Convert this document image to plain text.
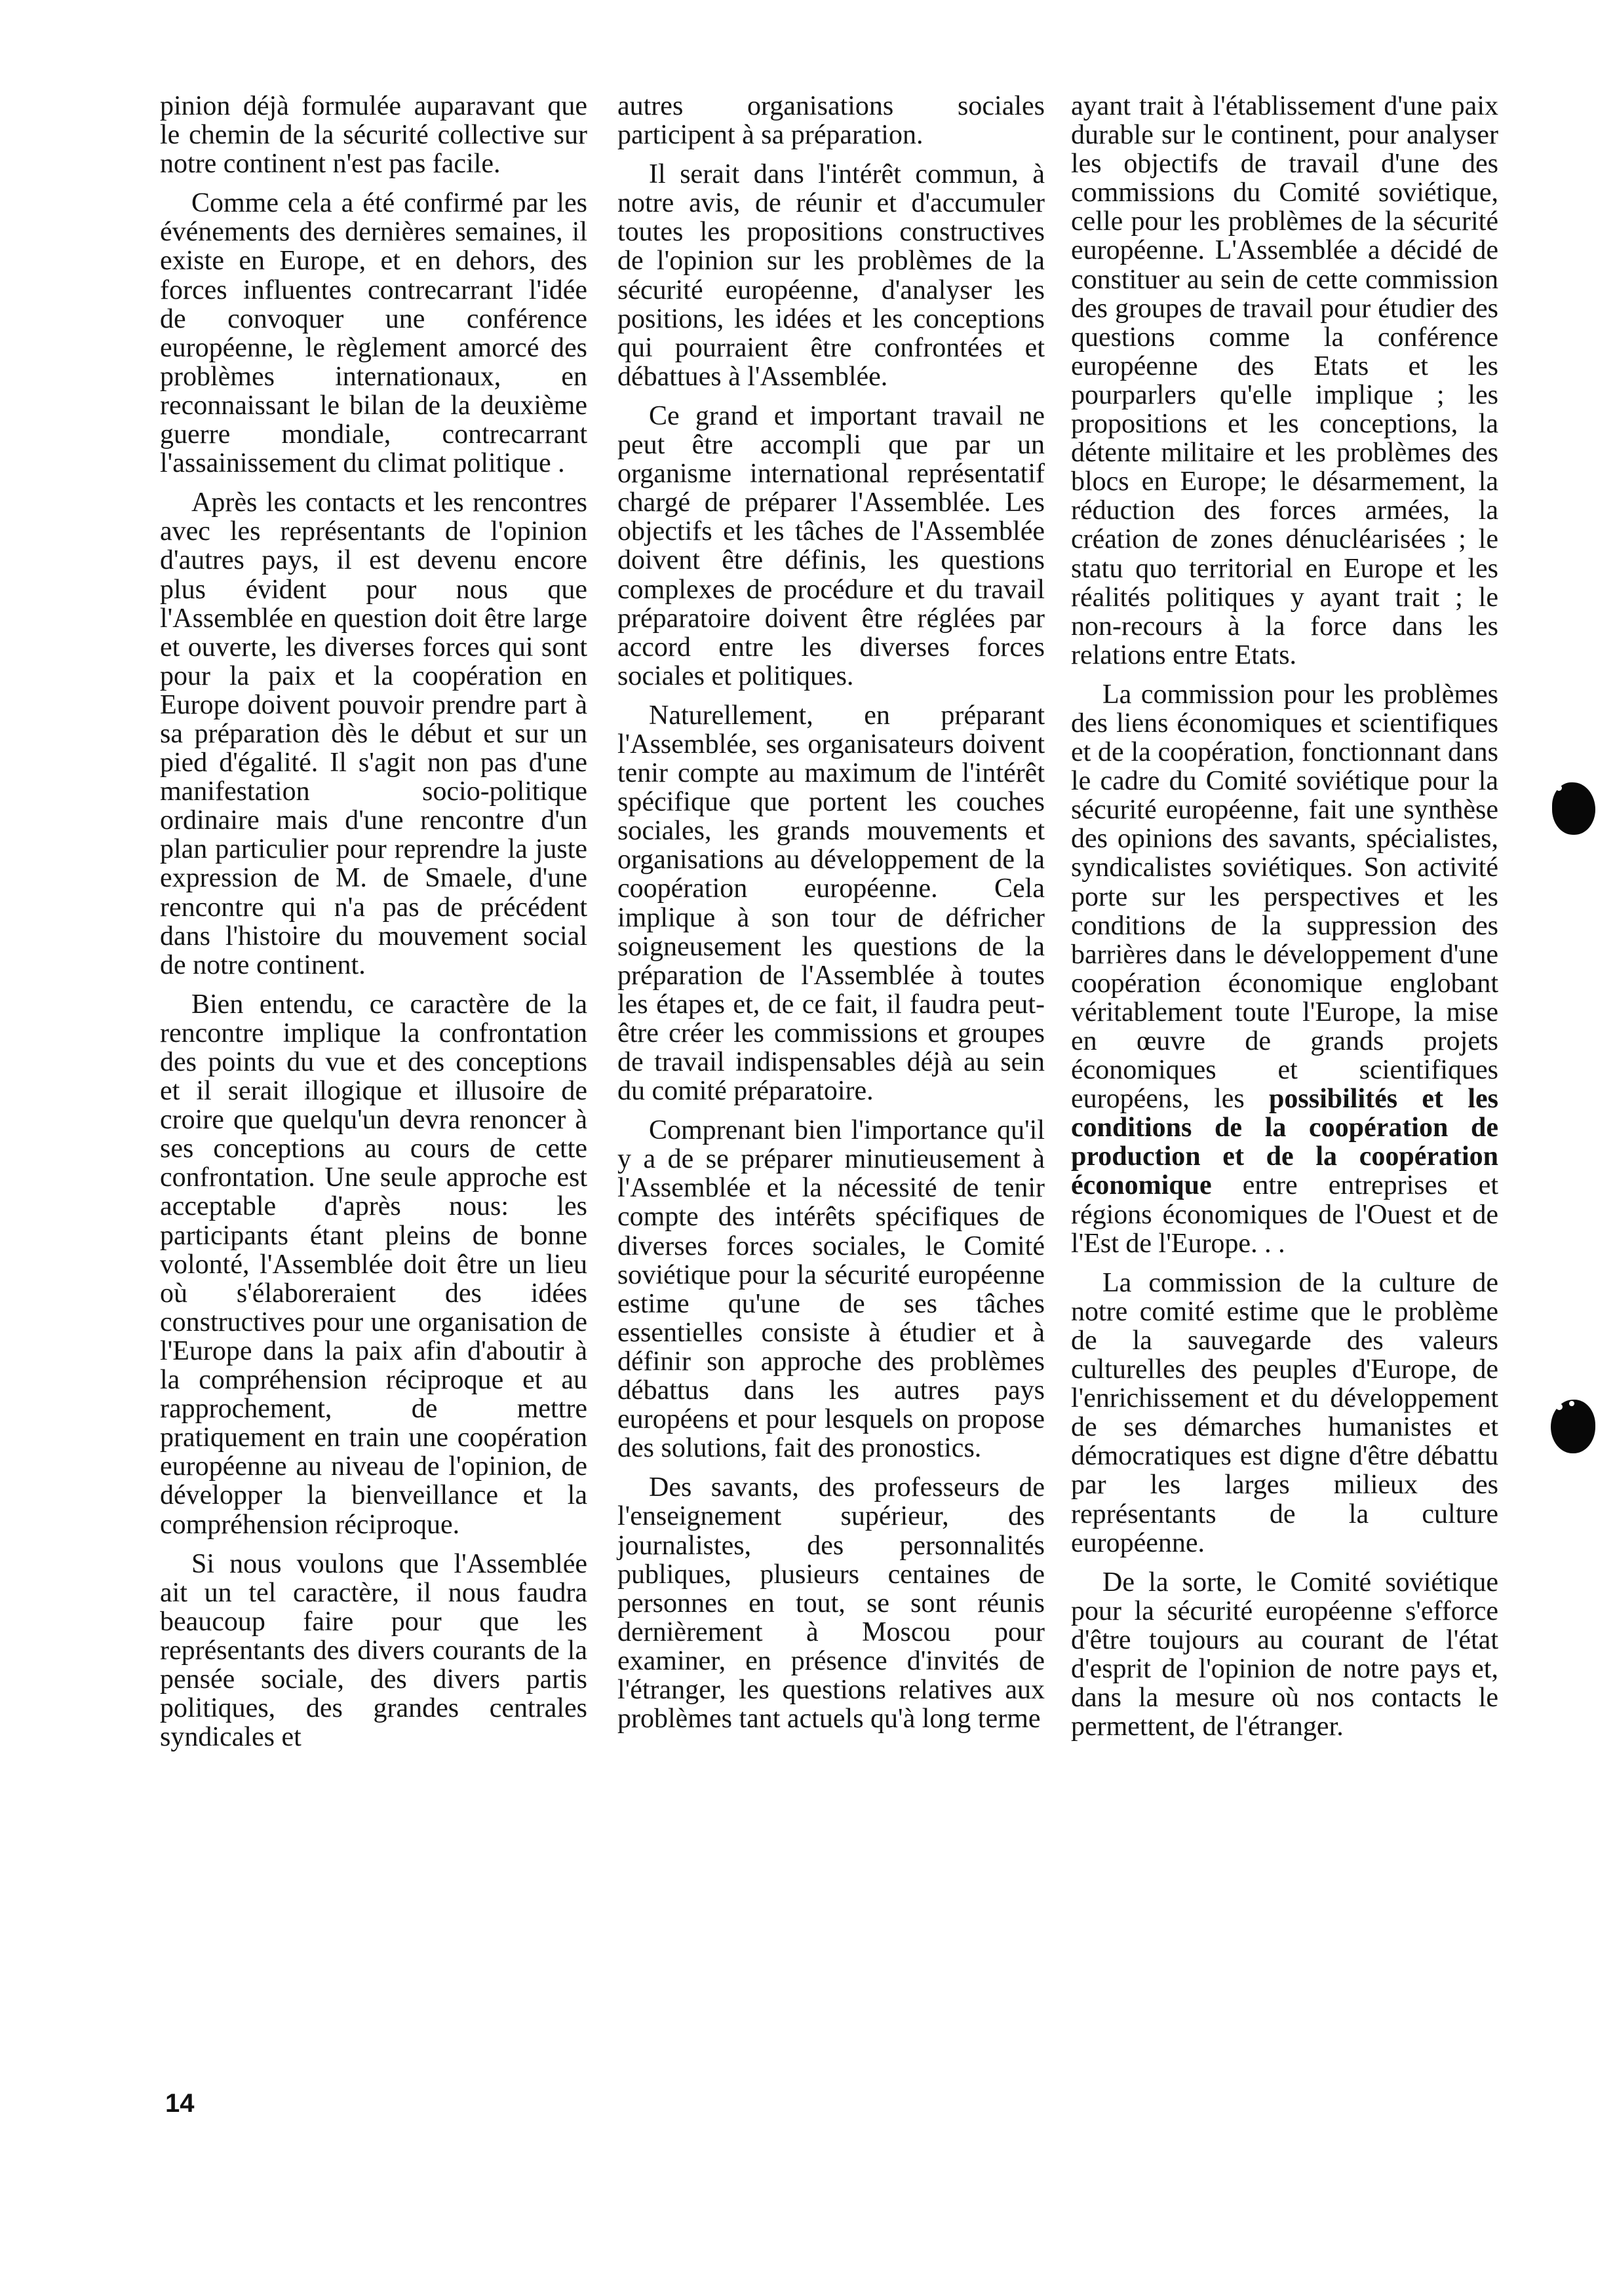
pinion déjà formulée auparavant que le chemin de la sécurité collective sur notre continent n'est pas facile.

Comme cela a été confirmé par les événements des dernières semaines, il existe en Europe, et en dehors, des forces influentes contrecarrant l'idée de convoquer une conférence européenne, le règlement amorcé des problèmes internationaux, en reconnaissant le bilan de la deuxième guerre mondiale, contrecarrant l'assainissement du climat politique .

Après les contacts et les rencontres avec les représentants de l'opinion d'autres pays, il est devenu encore plus évident pour nous que l'Assemblée en question doit être large et ouverte, les diverses forces qui sont pour la paix et la coopération en Europe doivent pouvoir prendre part à sa préparation dès le début et sur un pied d'égalité. Il s'agit non pas d'une manifestation socio-politique ordinaire mais d'une rencontre d'un plan particulier pour reprendre la juste expression de M. de Smaele, d'une rencontre qui n'a pas de précédent dans l'histoire du mouvement social de notre continent.

Bien entendu, ce caractère de la rencontre implique la confrontation des points du vue et des conceptions et il serait illogique et illusoire de croire que quelqu'un devra renoncer à ses conceptions au cours de cette confrontation. Une seule approche est acceptable d'après nous: les participants étant pleins de bonne volonté, l'Assemblée doit être un lieu où s'élaboreraient des idées constructives pour une organisation de l'Europe dans la paix afin d'aboutir à la compréhension réciproque et au rapprochement, de mettre pratiquement en train une coopération européenne au niveau de l'opinion, de développer la bienveillance et la compréhension réciproque.

Si nous voulons que l'Assemblée ait un tel caractère, il nous faudra beaucoup faire pour que les représentants des divers courants de la pensée sociale, des divers partis politiques, des grandes centrales syndicales et

autres organisations sociales participent à sa préparation.

Il serait dans l'intérêt commun, à notre avis, de réunir et d'accumuler toutes les propositions constructives de l'opinion sur les problèmes de la sécurité européenne, d'analyser les positions, les idées et les conceptions qui pourraient être confrontées et débattues à l'Assemblée.

Ce grand et important travail ne peut être accompli que par un organisme international représentatif chargé de préparer l'Assemblée. Les objectifs et les tâches de l'Assemblée doivent être définis, les questions complexes de procédure et du travail préparatoire doivent être réglées par accord entre les diverses forces sociales et politiques.

Naturellement, en préparant l'Assemblée, ses organisateurs doivent tenir compte au maximum de l'intérêt spécifique que portent les couches sociales, les grands mouvements et organisations au développement de la coopération européenne. Cela implique à son tour de défricher soigneusement les questions de la préparation de l'Assemblée à toutes les étapes et, de ce fait, il faudra peut-être créer les commissions et groupes de travail indispensables déjà au sein du comité préparatoire.

Comprenant bien l'importance qu'il y a de se préparer minutieusement à l'Assemblée et la nécessité de tenir compte des intérêts spécifiques de diverses forces sociales, le Comité soviétique pour la sécurité européenne estime qu'une de ses tâches essentielles consiste à étudier et à définir son approche des problèmes débattus dans les autres pays européens et pour lesquels on propose des solutions, fait des pronostics.

Des savants, des professeurs de l'enseignement supérieur, des journalistes, des personnalités publiques, plusieurs centaines de personnes en tout, se sont réunis dernièrement à Moscou pour examiner, en présence d'invités de l'étranger, les questions relatives aux problèmes tant actuels qu'à long terme

ayant trait à l'établissement d'une paix durable sur le continent, pour analyser les objectifs de travail d'une des commissions du Comité soviétique, celle pour les problèmes de la sécurité européenne. L'Assemblée a décidé de constituer au sein de cette commission des groupes de travail pour étudier des questions comme la conférence européenne des Etats et les pourparlers qu'elle implique ; les propositions et les conceptions, la détente militaire et les problèmes des blocs en Europe; le désarmement, la réduction des forces armées, la création de zones dénucléarisées ; le statu quo territorial en Europe et les réalités politiques y ayant trait ; le non-recours à la force dans les relations entre Etats.

La commission pour les problèmes des liens économiques et scientifiques et de la coopération, fonctionnant dans le cadre du Comité soviétique pour la sécurité européenne, fait une synthèse des opinions des savants, spécialistes, syndicalistes soviétiques. Son activité porte sur les perspectives et les conditions de la suppression des barrières dans le développement d'une coopération économique englobant véritablement toute l'Europe, la mise en œuvre de grands projets économiques et scientifiques européens, les possibilités et les conditions de la coopération de production et de la coopération économique entre entreprises et régions économiques de l'Ouest et de l'Est de l'Europe. . .

La commission de la culture de notre comité estime que le problème de la sauvegarde des valeurs culturelles des peuples d'Europe, de l'enrichissement et du développement de ses démarches humanistes et démocratiques est digne d'être débattu par les larges milieux des représentants de la culture européenne.

De la sorte, le Comité soviétique pour la sécurité européenne s'efforce d'être toujours au courant de l'état d'esprit de l'opinion de notre pays et, dans la mesure où nos contacts le permettent, de l'étranger.

14
